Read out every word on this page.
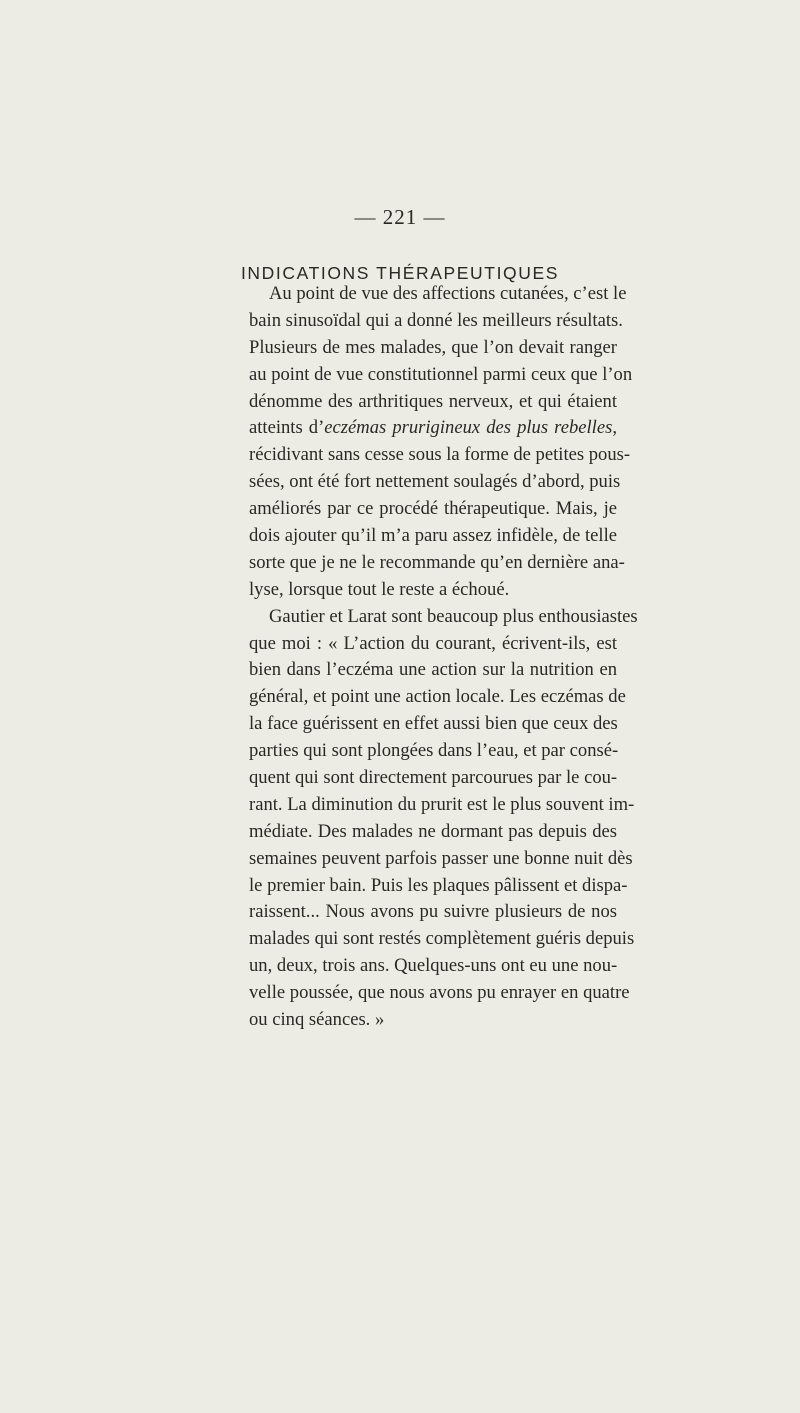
— 221 —
INDICATIONS THÉRAPEUTIQUES
Au point de vue des affections cutanées, c’est le
bain sinusoïdal qui a donné les meilleurs résultats.
Plusieurs de mes malades, que l’on devait ranger
au point de vue constitutionnel parmi ceux que l’on
dénomme des arthritiques nerveux, et qui étaient
atteints d’eczémas prurigineux des plus rebelles,
récidivant sans cesse sous la forme de petites pous-
sées, ont été fort nettement soulagés d’abord, puis
améliorés par ce procédé thérapeutique. Mais, je
dois ajouter qu’il m’a paru assez infidèle, de telle
sorte que je ne le recommande qu’en dernière ana-
lyse, lorsque tout le reste a échoué.
Gautier et Larat sont beaucoup plus enthousiastes
que moi : « L’action du courant, écrivent-ils, est
bien dans l’eczéma une action sur la nutrition en
général, et point une action locale. Les eczémas de
la face guérissent en effet aussi bien que ceux des
parties qui sont plongées dans l’eau, et par consé-
quent qui sont directement parcourues par le cou-
rant. La diminution du prurit est le plus souvent im-
médiate. Des malades ne dormant pas depuis des
semaines peuvent parfois passer une bonne nuit dès
le premier bain. Puis les plaques pâlissent et dispa-
raissent... Nous avons pu suivre plusieurs de nos
malades qui sont restés complètement guéris depuis
un, deux, trois ans. Quelques-uns ont eu une nou-
velle poussée, que nous avons pu enrayer en quatre
ou cinq séances. »
